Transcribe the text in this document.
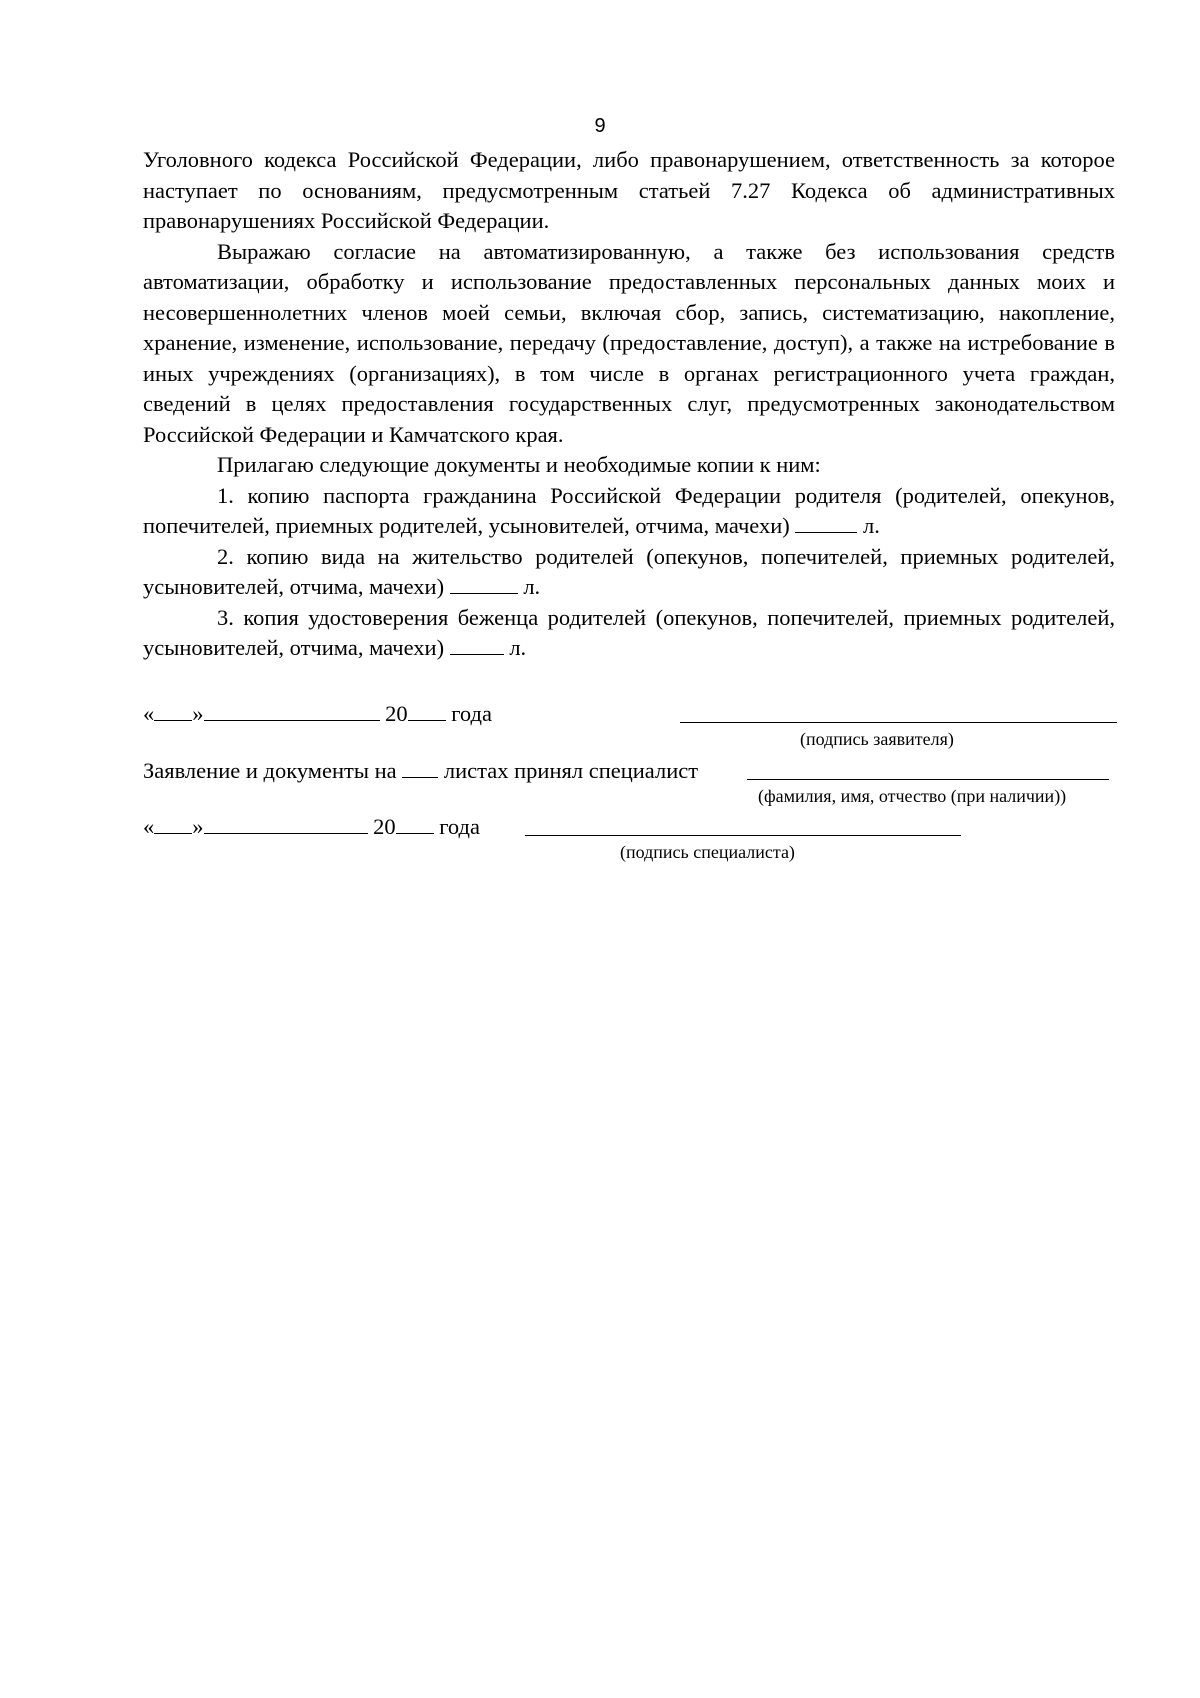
9

Уголовного кодекса Российской Федерации, либо правонарушением, ответственность за которое наступает по основаниям, предусмотренным статьей 7.27 Кодекса об административных правонарушениях Российской Федерации.

Выражаю согласие на автоматизированную, а также без использования средств автоматизации, обработку и использование предоставленных персональных данных моих и несовершеннолетних членов моей семьи, включая сбор, запись, систематизацию, накопление, хранение, изменение, использование, передачу (предоставление, доступ), а также на истребование в иных учреждениях (организациях), в том числе в органах регистрационного учета граждан, сведений в целях предоставления государственных слуг, предусмотренных законодательством Российской Федерации и Камчатского края.

Прилагаю следующие документы и необходимые копии к ним:

1. копию паспорта гражданина Российской Федерации родителя (родителей, опекунов, попечителей, приемных родителей, усыновителей, отчима, мачехи)	л.

2. копию вида на жительство родителей (опекунов, попечителей, приемных родителей, усыновителей, отчима, мачехи)	л.

3. копия удостоверения беженца родителей (опекунов, попечителей, приемных родителей, усыновителей, отчима, мачехи)	л.

« »	20 года
(подпись заявителя)
Заявление и документы на листах принял специалист
(фамилия, имя, отчество (при наличии))
« »	20 года
(подпись специалиста)
